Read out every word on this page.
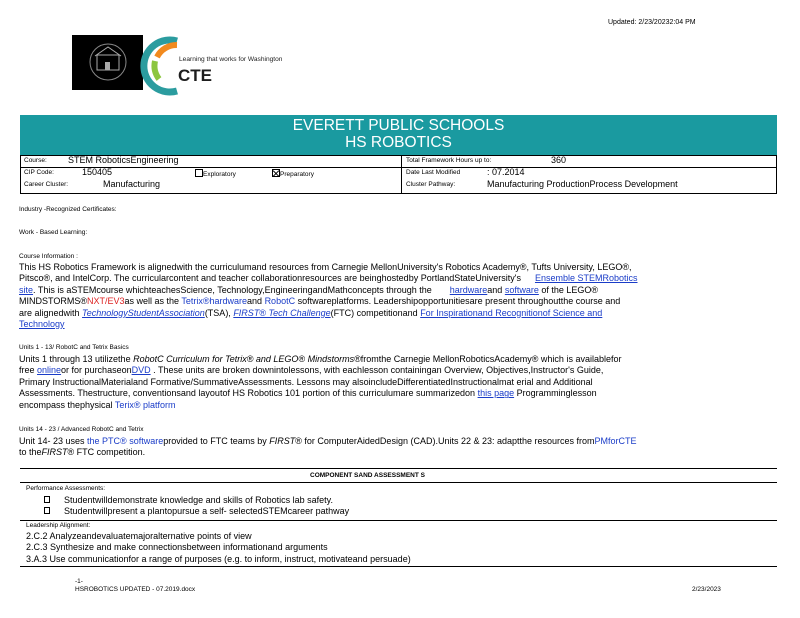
Updated: 2/23/20232:04 PM
Learning that works for Washington
CTE
EVERETT PUBLIC SCHOOLS
HS ROBOTICS
Course: STEM RoboticsEngineering	Total Framework Hours up to:	360
CIP Code:	150405	Exploratory	Preparatory	Date Last Modified	: 07.2014
Career Cluster:	Manufacturing	Cluster Pathway:	Manufacturing ProductionProcess Development
Industry -Recognized Certificates:
Work - Based Learning:
Course Information :
This HS Robotics Framework is alignedwith the curriculumand resources from Carnegie MellonUniversity's Robotics Academy®, Tufts University, LEGO®,
Pitsco®, and IntelCorp. The curricularcontent and teacher collaborationresources are beinghostedby PortlandStateUniversity's Ensemble STEMRobotics
site. This is aSTEMcourse whichteachesScience, Technology,EngineeringandMathconcepts through the hardwareand software of the LEGO®
MINDSTORMS®NXT/EV3as well as the Tetrix®hardwareand RobotC softwareplatforms. Leadershipopportunitiesare present throughoutthe course and
are alignedwith TechnologyStudentAssociation(TSA), FIRST® Tech Challenge(FTC) competitionand For Inspirationand Recognitionof Science and
Technology
Units 1 - 13/ RobotC and Tetrix Basics
Units 1 through 13 utilizethe RobotC Curriculum for Tetrix® and LEGO® Mindstorms®fromthe Carnegie MellonRoboticsAcademy® which is availablefor
free onlineor for purchaseonDVD . These units are broken downintolessons, with eachlesson containingan Overview, Objectives,Instructor's Guide,
Primary InstructionalMaterialand Formative/SummativeAssessments. Lessons may alsoincludeDifferentiatedInstructionalmat erial and Additional
Assessments. Thestructure, conventionsand layoutof HS Robotics 101 portion of this curriculumare summarizedon this page Programminglesson
encompass thephysical Terix® platform
Units 14 - 23 / Advanced RobotC and Tetrix
Unit 14- 23 uses the PTC® softwareprovided to FTC teams by FIRST® for ComputerAidedDesign (CAD).Units 22 & 23: adaptthe resources fromPMforCTE
to theFIRST® FTC competition.
COMPONENT SAND ASSESSMENT S
Performance Assessments:
Studentwilldemonstrate knowledge and skills of Robotics lab safety.
Studentwillpresent a plantopursue a self- selectedSTEMcareer pathway
Leadership Alignment:
2.C.2 Analyzeandevaluatemajoralternative points of view
2.C.3 Synthesize and make connectionsbetween informationand arguments
3.A.3 Use communicationfor a range of purposes (e.g. to inform, instruct, motivateand persuade)
-1-
HSROBOTICS UPDATED - 07.2019.docx	2/23/2023
